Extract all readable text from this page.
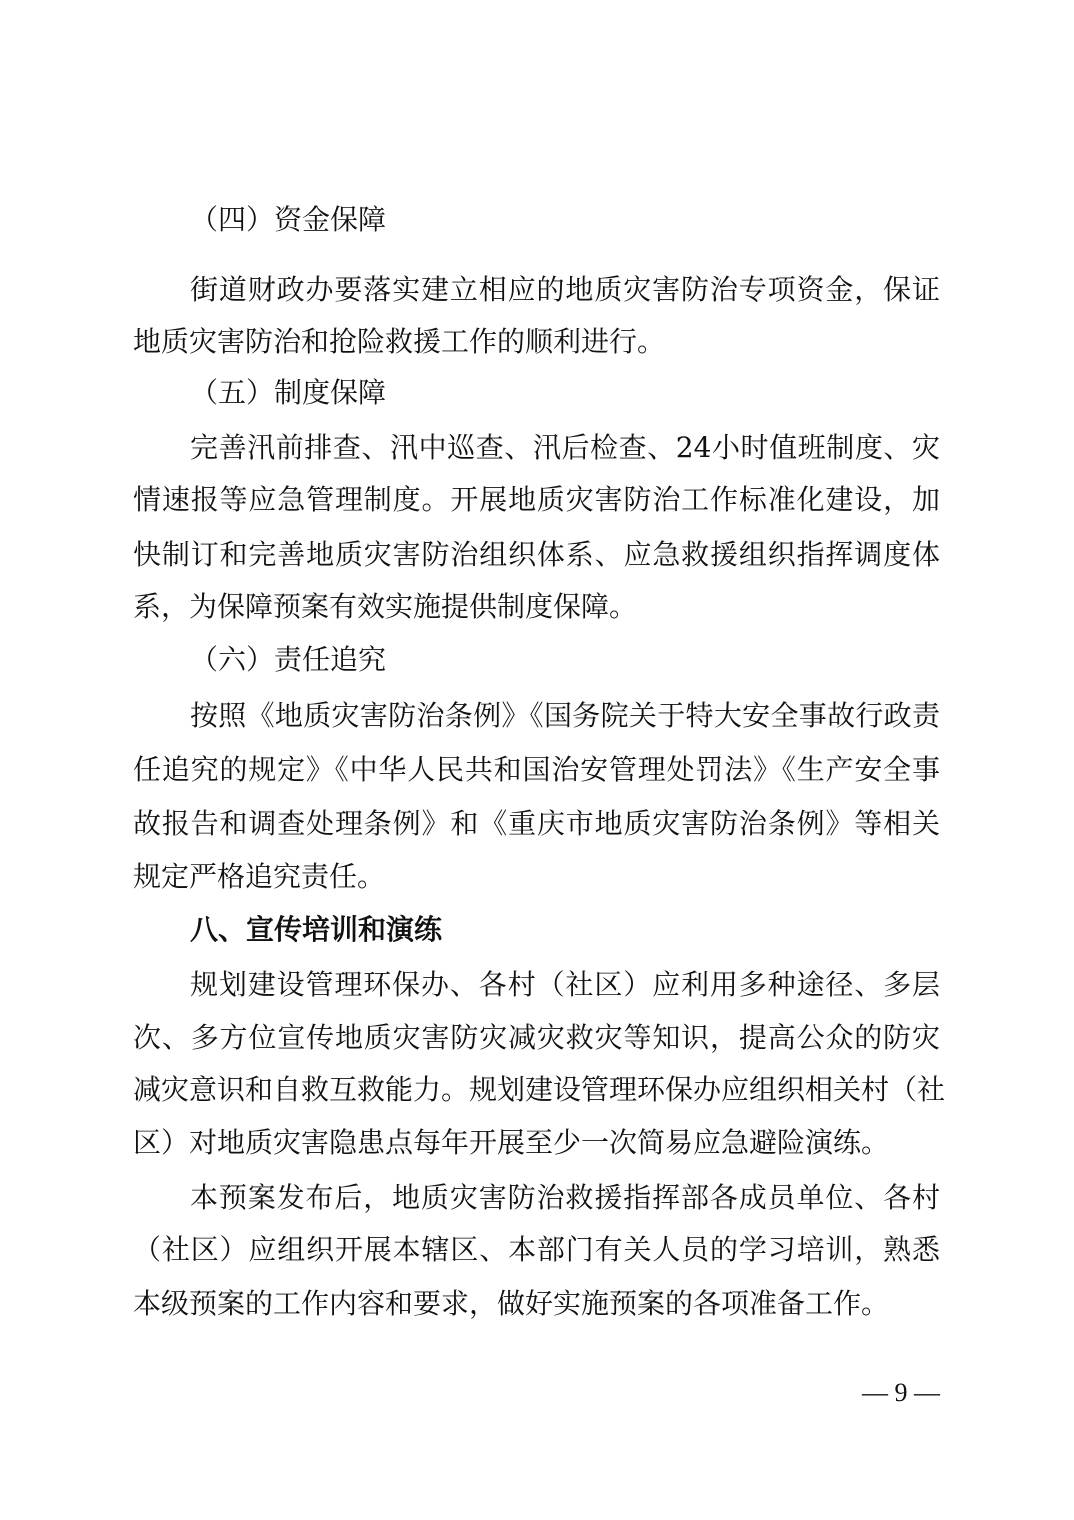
（四）资金保障
街道财政办要落实建立相应的地质灾害防治专项资金，保证
地质灾害防治和抢险救援工作的顺利进行。
（五）制度保障
完善汛前排查、汛中巡查、汛后检查、24小时值班制度、灾
情速报等应急管理制度。开展地质灾害防治工作标准化建设，加
快制订和完善地质灾害防治组织体系、应急救援组织指挥调度体
系，为保障预案有效实施提供制度保障。
（六）责任追究
按照《地质灾害防治条例》《国务院关于特大安全事故行政责
任追究的规定》《中华人民共和国治安管理处罚法》《生产安全事
故报告和调查处理条例》和《重庆市地质灾害防治条例》等相关
规定严格追究责任。
八、宣传培训和演练
规划建设管理环保办、各村（社区）应利用多种途径、多层
次、多方位宣传地质灾害防灾减灾救灾等知识，提高公众的防灾
减灾意识和自救互救能力。规划建设管理环保办应组织相关村（社
区）对地质灾害隐患点每年开展至少一次简易应急避险演练。
本预案发布后，地质灾害防治救援指挥部各成员单位、各村
（社区）应组织开展本辖区、本部门有关人员的学习培训，熟悉
本级预案的工作内容和要求，做好实施预案的各项准备工作。
— 9 —
